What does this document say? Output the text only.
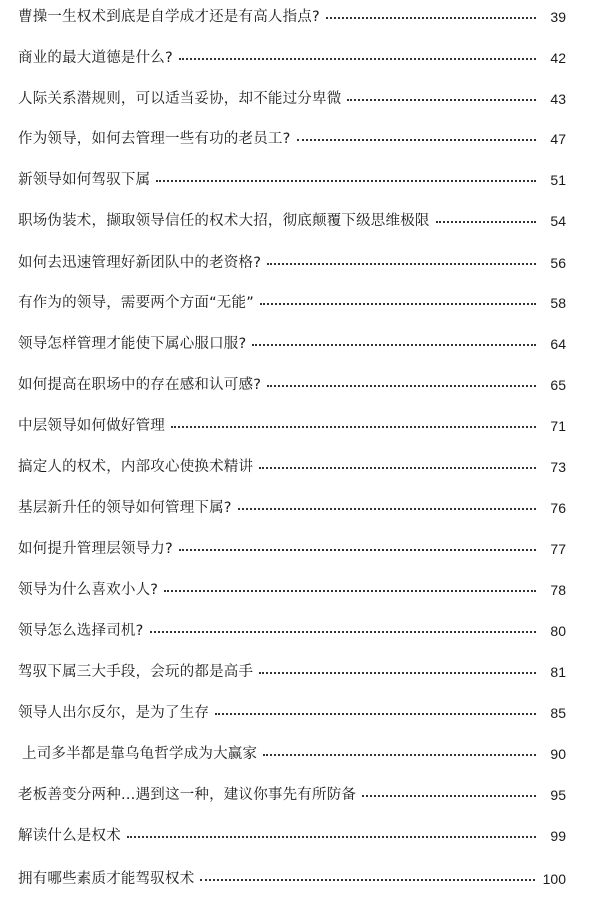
曹操一生权术到底是自学成才还是有高人指点?	39
商业的最大道德是什么?	42
人际关系潜规则，可以适当妥协，却不能过分卑微	43
作为领导，如何去管理一些有功的老员工?	47
新领导如何驾驭下属	51
职场伪装术，撷取领导信任的权术大招，彻底颠覆下级思维极限	54
如何去迅速管理好新团队中的老资格?	56
有作为的领导，需要两个方面“无能”	58
领导怎样管理才能使下属心服口服?	64
如何提高在职场中的存在感和认可感?	65
中层领导如何做好管理	71
搞定人的权术，内部攻心使换术精讲	73
基层新升任的领导如何管理下属?	76
如何提升管理层领导力?	77
领导为什么喜欢小人?	78
领导怎么选择司机?	80
驾驭下属三大手段，会玩的都是高手	81
领导人出尔反尔，是为了生存	85
上司多半都是靠乌龟哲学成为大赢家	90
老板善变分两种…遇到这一种，建议你事先有所防备	95
解读什么是权术	99
拥有哪些素质才能驾驭权术	100
